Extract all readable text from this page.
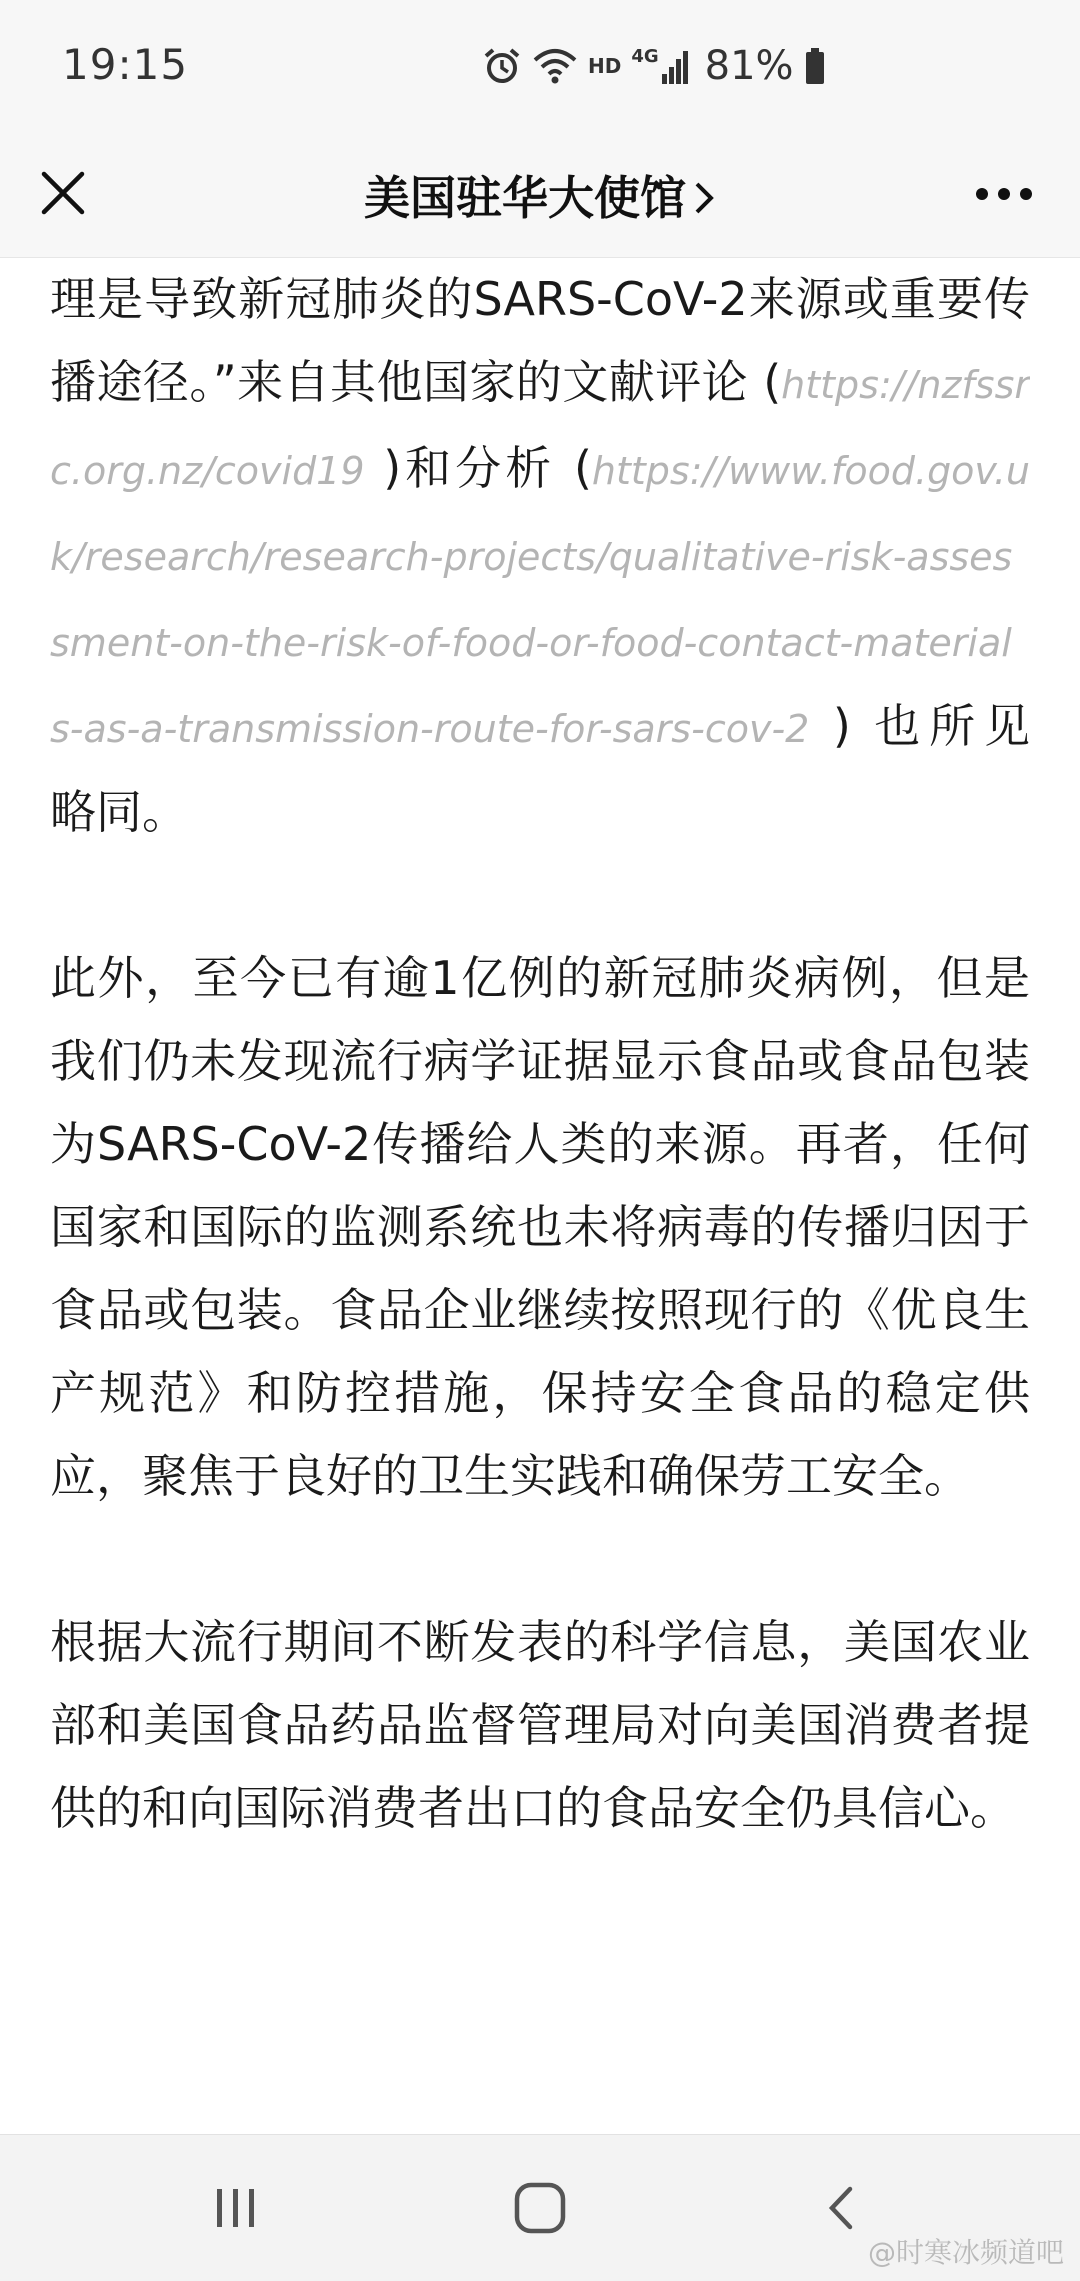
19:15	HD 4G 81%
美国驻华大使馆

理是导致新冠肺炎的SARS-CoV-2来源或重要传播途径。”来自其他国家的文献评论 (https://nzfssrc.org.nz/covid19 )和分析 (https://www.food.gov.uk/research/research-projects/qualitative-risk-assessment-on-the-risk-of-food-or-food-contact-materials-as-a-transmission-route-for-sars-cov-2 ) 也所见略同。

此外，至今已有逾1亿例的新冠肺炎病例，但是我们仍未发现流行病学证据显示食品或食品包装为SARS-CoV-2传播给人类的来源。再者，任何国家和国际的监测系统也未将病毒的传播归因于食品或包装。食品企业继续按照现行的《优良生产规范》和防控措施，保持安全食品的稳定供应，聚焦于良好的卫生实践和确保劳工安全。

根据大流行期间不断发表的科学信息，美国农业部和美国食品药品监督管理局对向美国消费者提供的和向国际消费者出口的食品安全仍具信心。

@时寒冰频道吧
